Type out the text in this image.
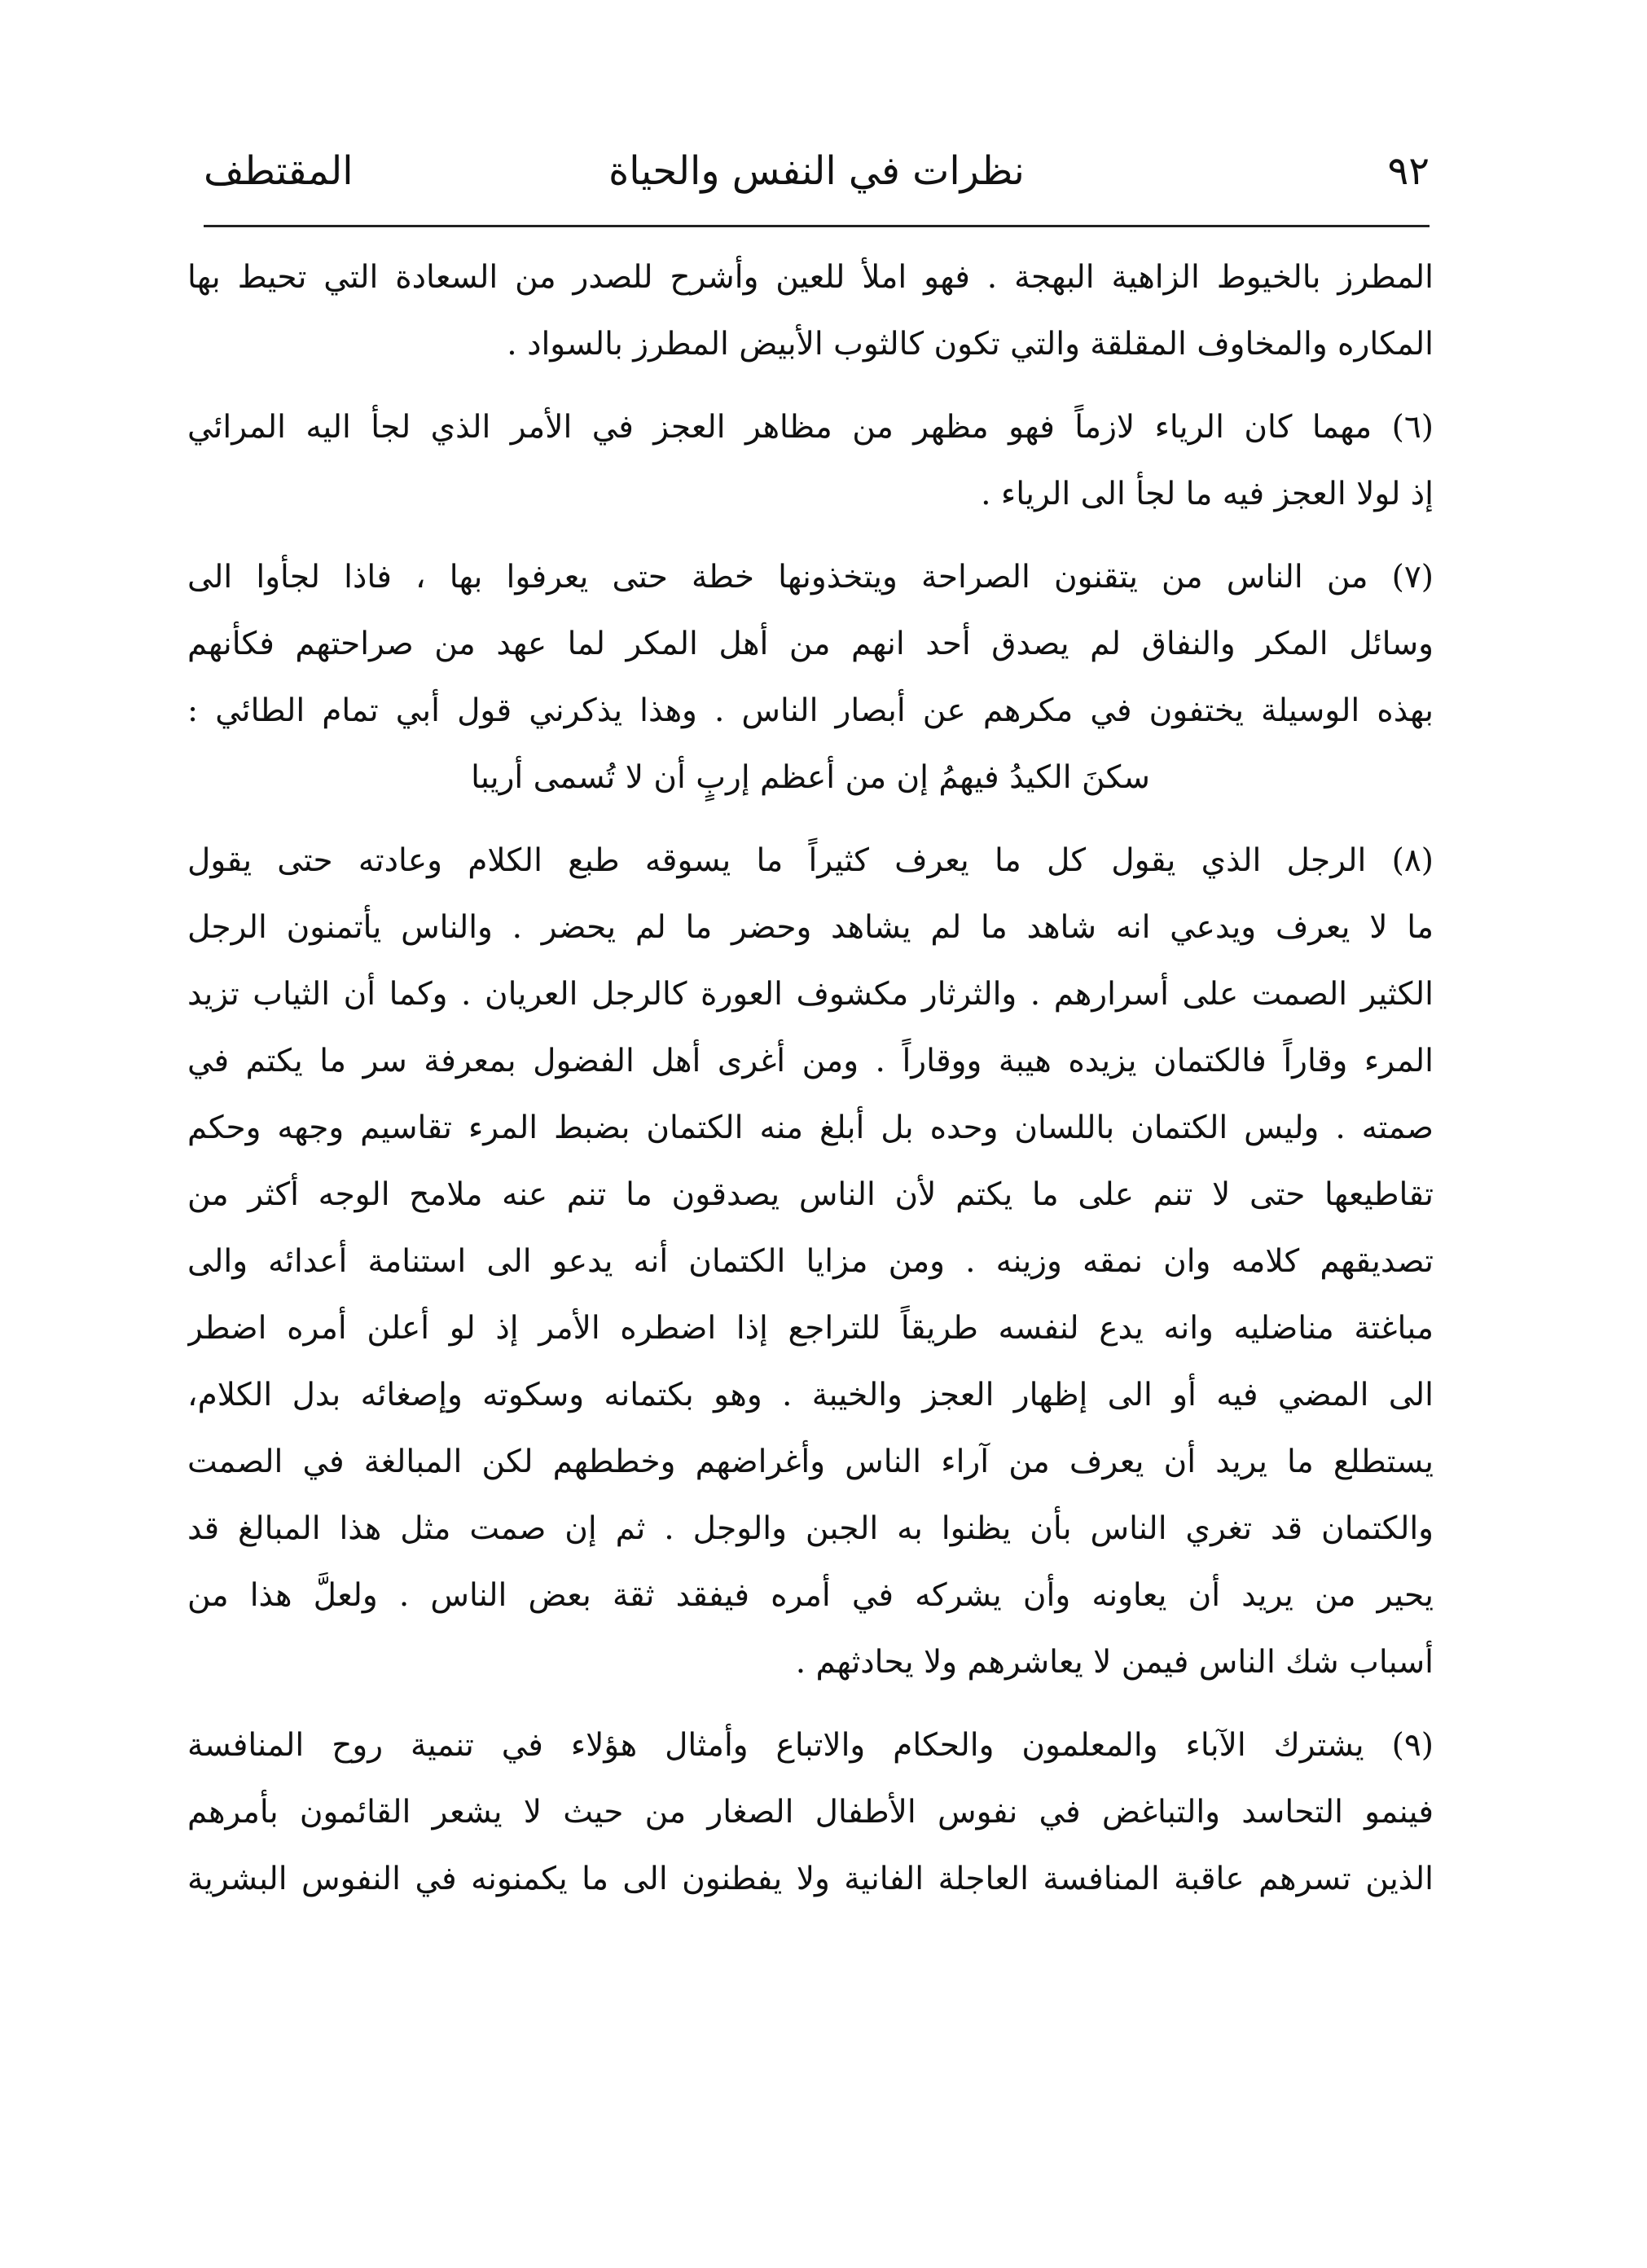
٩٢
نظرات في النفس والحياة
المقتطف
المطرز بالخيوط الزاهية البهجة . فهو املأ للعين وأشرح للصدر من السعادة التي تحيط بها
المكاره والمخاوف المقلقة والتي تكون كالثوب الأبيض المطرز بالسواد .
(٦) مهما كان الرياء لازماً فهو مظهر من مظاهر العجز في الأمر الذي لجأ اليه المرائي
إذ لولا العجز فيه ما لجأ الى الرياء .
(٧) من الناس من يتقنون الصراحة ويتخذونها خطة حتى يعرفوا بها ، فاذا لجأوا الى
وسائل المكر والنفاق لم يصدق أحد انهم من أهل المكر لما عهد من صراحتهم فكأنهم
بهذه الوسيلة يختفون في مكرهم عن أبصار الناس . وهذا يذكرني قول أبي تمام الطائي :
سكنَ الكيدُ فيهمُ إن من أعظم إربٍ أن لا تُسمى أريبا
(٨) الرجل الذي يقول كل ما يعرف كثيراً ما يسوقه طبع الكلام وعادته حتى يقول
ما لا يعرف ويدعي انه شاهد ما لم يشاهد وحضر ما لم يحضر . والناس يأتمنون الرجل
الكثير الصمت على أسرارهم . والثرثار مكشوف العورة كالرجل العريان . وكما أن الثياب تزيد
المرء وقاراً فالكتمان يزيده هيبة ووقاراً . ومن أغرى أهل الفضول بمعرفة سر ما يكتم في
صمته . وليس الكتمان باللسان وحده بل أبلغ منه الكتمان بضبط المرء تقاسيم وجهه وحكم
تقاطيعها حتى لا تنم على ما يكتم لأن الناس يصدقون ما تنم عنه ملامح الوجه أكثر من
تصديقهم كلامه وان نمقه وزينه . ومن مزايا الكتمان أنه يدعو الى استنامة أعدائه والى
مباغتة مناضليه وانه يدع لنفسه طريقاً للتراجع إذا اضطره الأمر إذ لو أعلن أمره اضطر
الى المضي فيه أو الى إظهار العجز والخيبة . وهو بكتمانه وسكوته وإصغائه بدل الكلام،
يستطلع ما يريد أن يعرف من آراء الناس وأغراضهم وخططهم لكن المبالغة في الصمت
والكتمان قد تغري الناس بأن يظنوا به الجبن والوجل . ثم إن صمت مثل هذا المبالغ قد
يحير من يريد أن يعاونه وأن يشركه في أمره فيفقد ثقة بعض الناس . ولعلَّ هذا من
أسباب شك الناس فيمن لا يعاشرهم ولا يحادثهم .
(٩) يشترك الآباء والمعلمون والحكام والاتباع وأمثال هؤلاء في تنمية روح المنافسة
فينمو التحاسد والتباغض في نفوس الأطفال الصغار من حيث لا يشعر القائمون بأمرهم
الذين تسرهم عاقبة المنافسة العاجلة الفانية ولا يفطنون الى ما يكمنونه في النفوس البشرية
